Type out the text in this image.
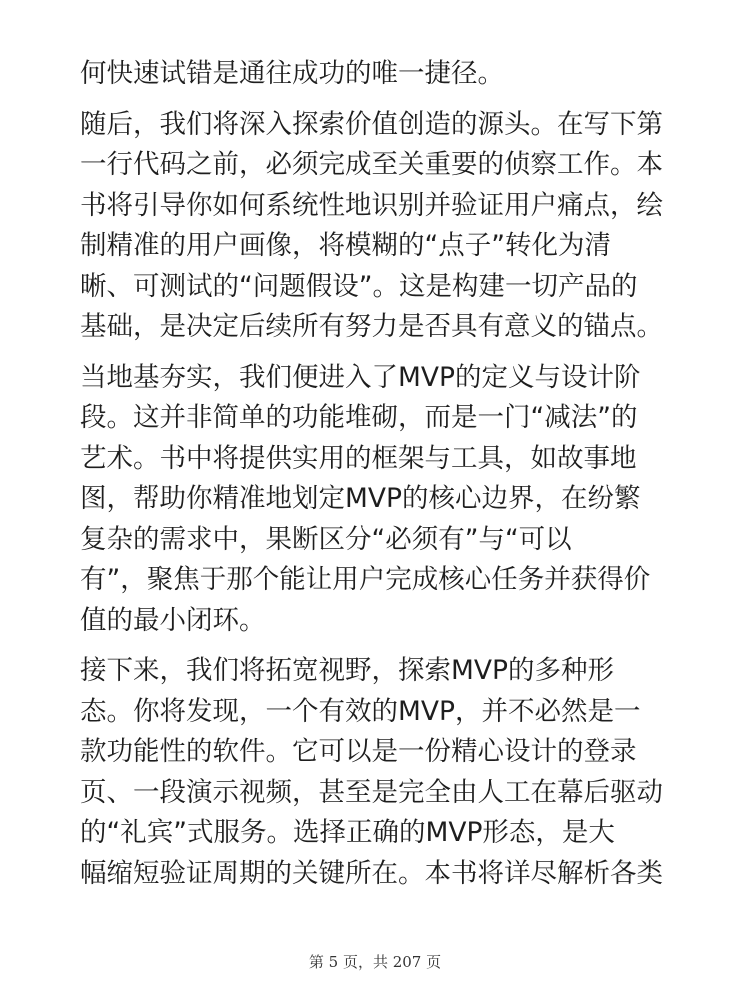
何快速试错是通往成功的唯一捷径。

随后，我们将深入探索价值创造的源头。在写下第
一行代码之前，必须完成至关重要的侦察工作。本
书将引导你如何系统性地识别并验证用户痛点，绘
制精准的用户画像，将模糊的“点子”转化为清
晰、可测试的“问题假设”。这是构建一切产品的
基础，是决定后续所有努力是否具有意义的锚点。

当地基夯实，我们便进入了MVP的定义与设计阶
段。这并非简单的功能堆砌，而是一门“减法”的
艺术。书中将提供实用的框架与工具，如故事地
图，帮助你精准地划定MVP的核心边界，在纷繁
复杂的需求中，果断区分“必须有”与“可以
有”，聚焦于那个能让用户完成核心任务并获得价
值的最小闭环。

接下来，我们将拓宽视野，探索MVP的多种形
态。你将发现，一个有效的MVP，并不必然是一
款功能性的软件。它可以是一份精心设计的登录
页、一段演示视频，甚至是完全由人工在幕后驱动
的“礼宾”式服务。选择正确的MVP形态，是大
幅缩短验证周期的关键所在。本书将详尽解析各类

第 5 页，共 207 页
